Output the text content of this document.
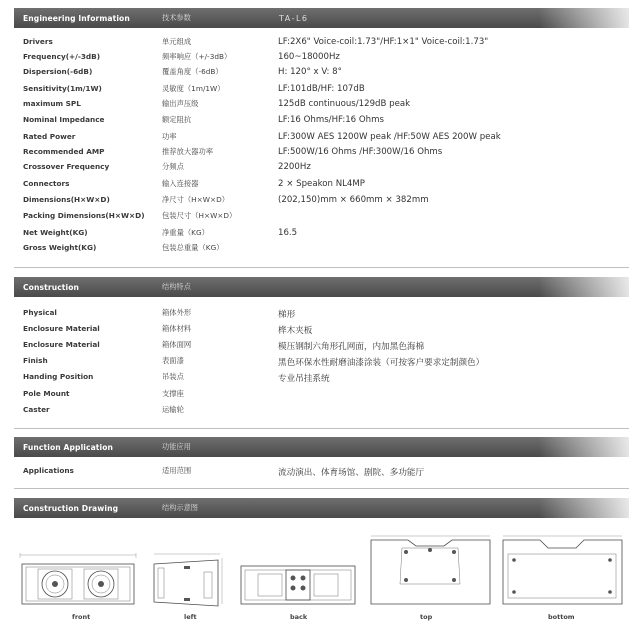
Engineering Information	技术参数	TA-L6
Drivers	单元组成	LF:2X6" Voice-coil:1.73"/HF:1×1" Voice-coil:1.73"
Frequency(+/-3dB)	频率响应（+/-3dB）	160~18000Hz
Dispersion(-6dB)	覆盖角度（-6dB）	H: 120° x V: 8°
Sensitivity(1m/1W)	灵敏度（1m/1W）	LF:101dB/HF: 107dB
maximum SPL	输出声压级	125dB continuous/129dB peak
Nominal Impedance	额定阻抗	LF:16 Ohms/HF:16 Ohms
Rated Power	功率	LF:300W AES 1200W peak /HF:50W AES 200W peak
Recommended AMP	推荐放大器功率	LF:500W/16 Ohms /HF:300W/16 Ohms
Crossover Frequency	分频点	2200Hz
Connectors	输入连接器	2 × Speakon NL4MP
Dimensions(H×W×D)	净尺寸（H×W×D）	(202,150)mm × 660mm × 382mm
Packing Dimensions(H×W×D) 包装尺寸（H×W×D）
Net Weight(KG)	净重量（KG）	16.5
Gross Weight(KG)	包装总重量（KG）
Construction	结构特点
Physical	箱体外形	梯形
Enclosure Material	箱体材料	桦木夹板
Enclosure Material	箱体面网	模压钢制六角形孔网面，内加黑色海棉
Finish	表面漆	黑色环保水性耐磨油漆涂装（可按客户要求定制颜色）
Handing Position	吊装点	专业吊挂系统
Pole Mount	支撑座
Caster	运输轮
Function Application	功能应用
Applications	适用范围	流动演出、体育场馆、剧院、多功能厅
Construction Drawing	结构示意图
front	left	back	top	bottom
